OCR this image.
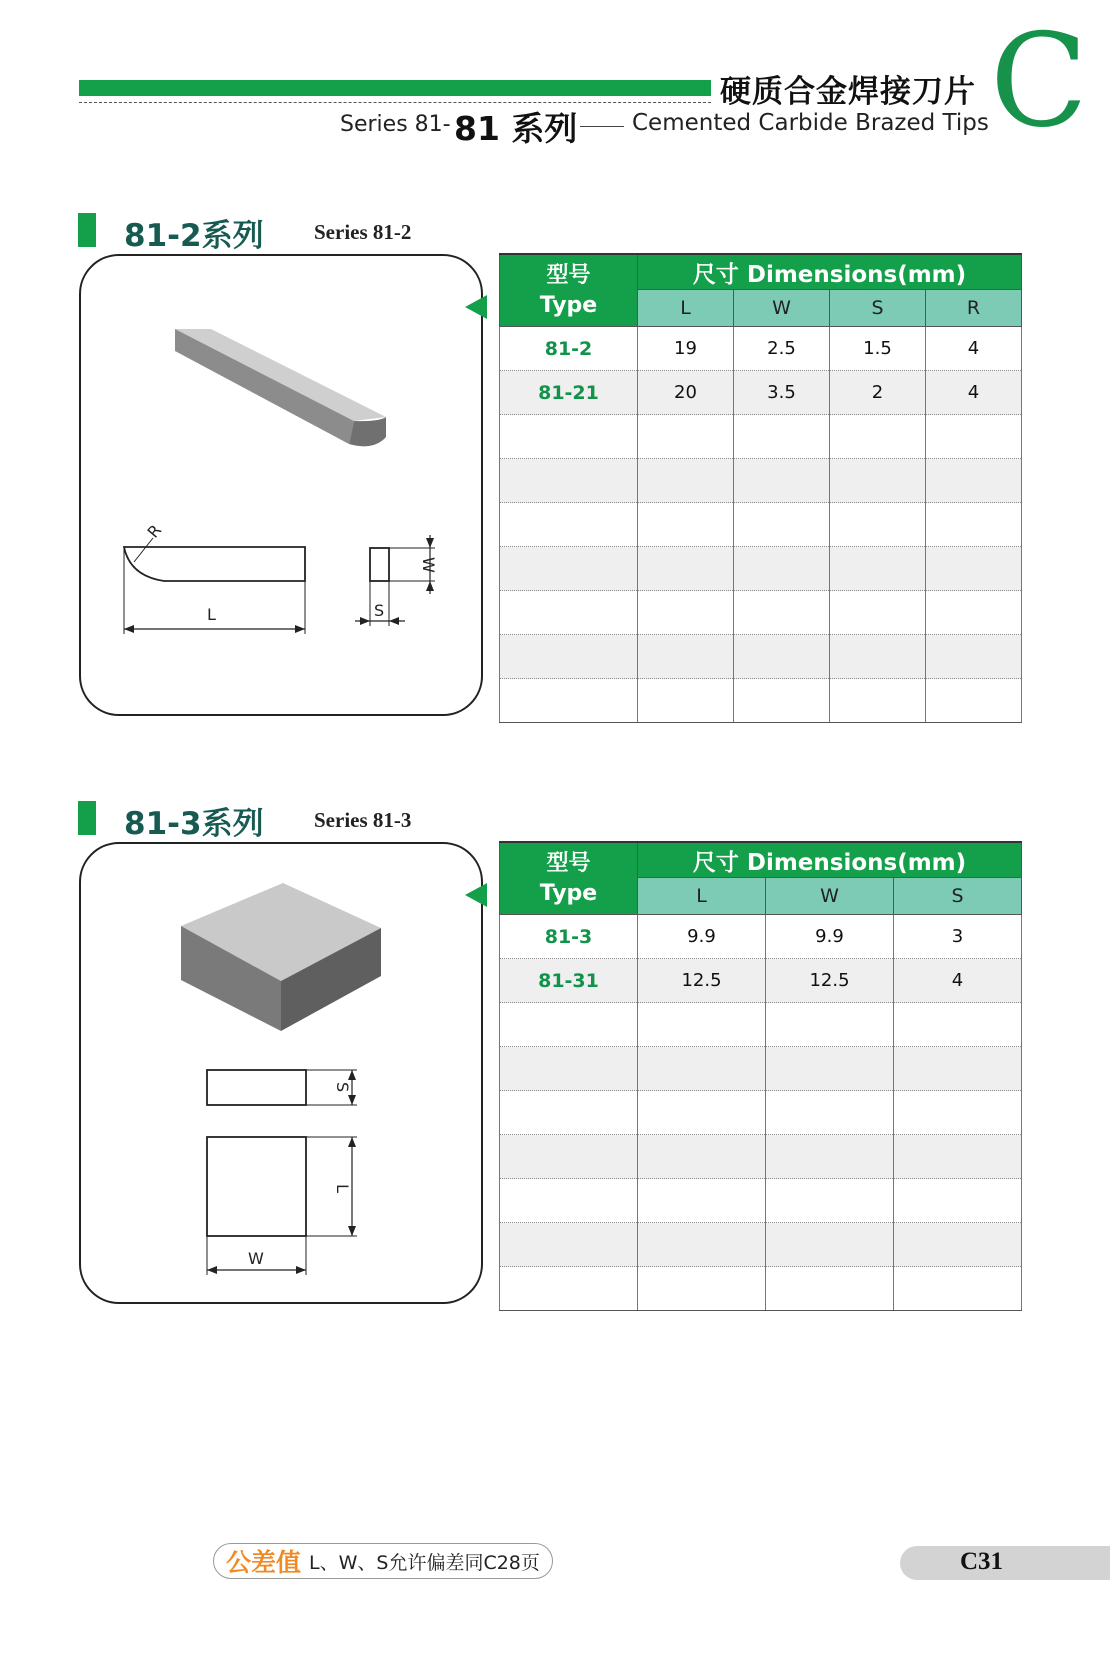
硬质合金焊接刀片
Series 81- 81 系列 Cemented Carbide Brazed Tips C
81-2系列 Series 81-2
L
R
W
S
型号
Type	尺寸 Dimensions(mm)			
	L	W	S	R
81-2	19	2.5	1.5	4
81-21	20	3.5	2	4

81-3系列 Series 81-3
S
L
W
型号
Type	尺寸 Dimensions(mm)		
	L	W	S
81-3	9.9	9.9	3
81-31	12.5	12.5	4

公差值 L、W、S允许偏差同C28页	C31
